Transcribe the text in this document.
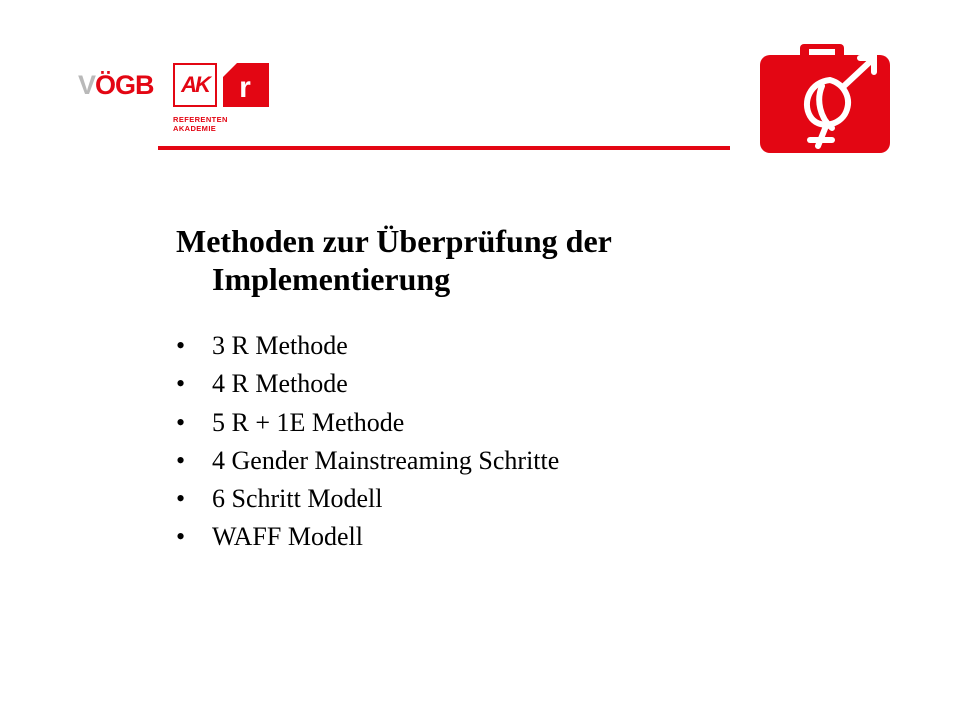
VÖGB AK r
REFERENTEN
AKADEMIE
Methoden zur Überprüfung der Implementierung
• 3 R Methode
• 4 R Methode
• 5 R + 1E Methode
• 4 Gender Mainstreaming Schritte
• 6 Schritt Modell
• WAFF Modell
